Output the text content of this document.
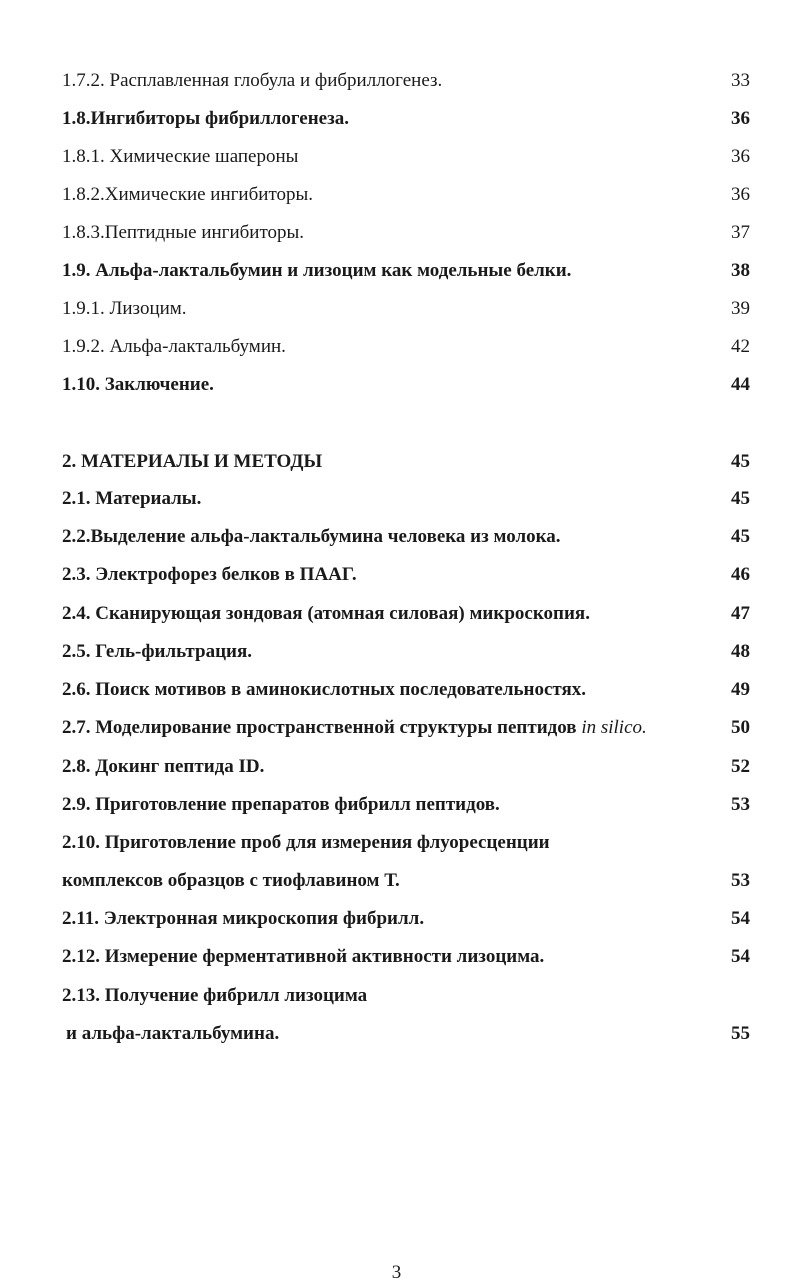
1.7.2. Расплавленная глобула и фибриллогенез.	33
1.8.Ингибиторы фибриллогенеза.	36
1.8.1. Химические шапероны	36
1.8.2.Химические ингибиторы.	36
1.8.3.Пептидные ингибиторы.	37
1.9. Альфа-лактальбумин и лизоцим как модельные белки.	38
1.9.1. Лизоцим.	39
1.9.2. Альфа-лактальбумин.	42
1.10. Заключение.	44
2. МАТЕРИАЛЫ И МЕТОДЫ	45
2.1. Материалы.	45
2.2.Выделение альфа-лактальбумина человека из молока.	45
2.3. Электрофорез белков в ПААГ.	46
2.4. Сканирующая зондовая (атомная силовая) микроскопия.	47
2.5. Гель-фильтрация.	48
2.6. Поиск мотивов в аминокислотных последовательностях.	49
2.7. Моделирование пространственной структуры пептидов in silico.	50
2.8. Докинг пептида ID.	52
2.9. Приготовление препаратов фибрилл пептидов.	53
2.10. Приготовление проб для измерения флуоресценции
комплексов образцов с тиофлавином Т.	53
2.11. Электронная микроскопия фибрилл.	54
2.12. Измерение ферментативной активности лизоцима.	54
2.13. Получение фибрилл лизоцима
и альфа-лактальбумина.	55
3
